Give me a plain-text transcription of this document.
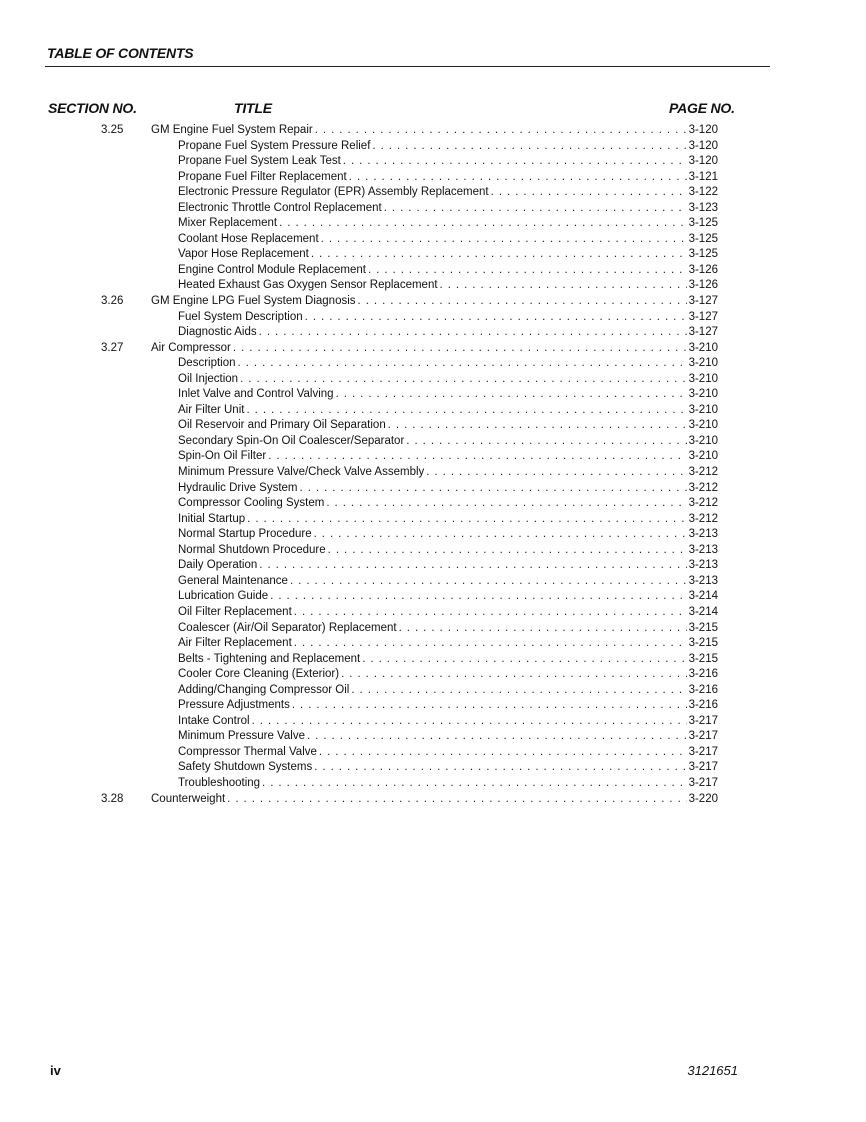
TABLE OF CONTENTS
SECTION NO.	TITLE	PAGE NO.
3.25 GM Engine Fuel System Repair . . .	3-120
Propane Fuel System Pressure Relief . . .	3-120
Propane Fuel System Leak Test . . .	3-120
Propane Fuel Filter Replacement . . .	3-121
Electronic Pressure Regulator (EPR) Assembly Replacement . . .	3-122
Electronic Throttle Control Replacement . . .	3-123
Mixer Replacement . . .	3-125
Coolant Hose Replacement . . .	3-125
Vapor Hose Replacement . . .	3-125
Engine Control Module Replacement . . .	3-126
Heated Exhaust Gas Oxygen Sensor Replacement . . .	3-126
3.26 GM Engine LPG Fuel System Diagnosis . . .	3-127
Fuel System Description . . .	3-127
Diagnostic Aids . . .	3-127
3.27 Air Compressor . . .	3-210
Description . . .	3-210
Oil Injection . . .	3-210
Inlet Valve and Control Valving . . .	3-210
Air Filter Unit . . .	3-210
Oil Reservoir and Primary Oil Separation . . .	3-210
Secondary Spin-On Oil Coalescer/Separator . . .	3-210
Spin-On Oil Filter . . .	3-210
Minimum Pressure Valve/Check Valve Assembly . . .	3-212
Hydraulic Drive System . . .	3-212
Compressor Cooling System . . .	3-212
Initial Startup . . .	3-212
Normal Startup Procedure . . .	3-213
Normal Shutdown Procedure . . .	3-213
Daily Operation . . .	3-213
General Maintenance . . .	3-213
Lubrication Guide . . .	3-214
Oil Filter Replacement . . .	3-214
Coalescer (Air/Oil Separator) Replacement . . .	3-215
Air Filter Replacement . . .	3-215
Belts - Tightening and Replacement . . .	3-215
Cooler Core Cleaning (Exterior) . . .	3-216
Adding/Changing Compressor Oil . . .	3-216
Pressure Adjustments . . .	3-216
Intake Control . . .	3-217
Minimum Pressure Valve . . .	3-217
Compressor Thermal Valve . . .	3-217
Safety Shutdown Systems . . .	3-217
Troubleshooting . . .	3-217
3.28 Counterweight . . .	3-220
iv	3121651
